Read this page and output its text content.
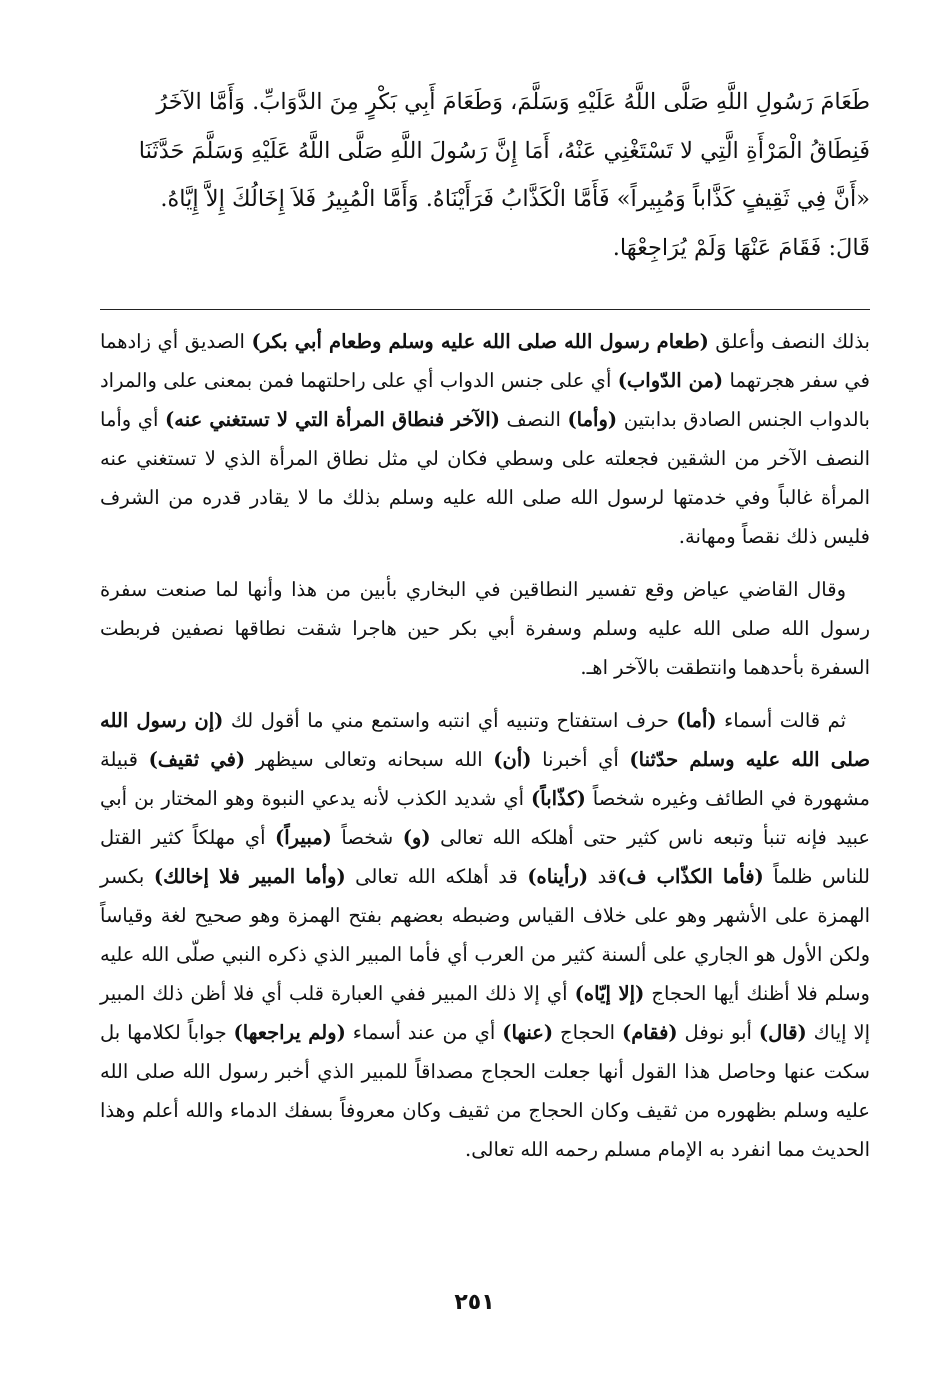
طَعَامَ رَسُولِ اللَّهِ صَلَّى اللَّهُ عَلَيْهِ وَسَلَّمَ، وَطَعَامَ أَبِي بَكْرٍ مِنَ الدَّوَابِّ. وَأَمَّا الآخَرُ

فَنِطَاقُ الْمَرْأَةِ الَّتِي لا تَسْتَغْنِي عَنْهُ، أَمَا إِنَّ رَسُولَ اللَّهِ صَلَّى اللَّهُ عَلَيْهِ وَسَلَّمَ حَدَّثَنَا

«أَنَّ فِي ثَقِيفٍ كَذَّاباً وَمُبِيراً» فَأَمَّا الْكَذَّابُ فَرَأَيْنَاهُ. وَأَمَّا الْمُبِيرُ فَلاَ إِخَالُكَ إِلاَّ إِيَّاهُ.

قَالَ: فَقَامَ عَنْهَا وَلَمْ يُرَاجِعْهَا.

بذلك النصف وأعلق (طعام رسول الله صلى الله عليه وسلم وطعام أبي بكر) الصديق أي زادهما في سفر هجرتهما (من الدّواب) أي على جنس الدواب أي على راحلتهما فمن بمعنى على والمراد بالدواب الجنس الصادق بدابتين (وأما) النصف (الآخر فنطاق المرأة التي لا تستغني عنه) أي وأما النصف الآخر من الشقين فجعلته على وسطي فكان لي مثل نطاق المرأة الذي لا تستغني عنه المرأة غالباً وفي خدمتها لرسول الله صلى الله عليه وسلم بذلك ما لا يقادر قدره من الشرف فليس ذلك نقصاً ومهانة.

وقال القاضي عياض وقع تفسير النطاقين في البخاري بأبين من هذا وأنها لما صنعت سفرة رسول الله صلى الله عليه وسلم وسفرة أبي بكر حين هاجرا شقت نطاقها نصفين فربطت السفرة بأحدهما وانتطقت بالآخر اهـ.

ثم قالت أسماء (أما) حرف استفتاح وتنبيه أي انتبه واستمع مني ما أقول لك (إن رسول الله صلى الله عليه وسلم حدّثنا) أي أخبرنا (أن) الله سبحانه وتعالى سيظهر (في ثقيف) قبيلة مشهورة في الطائف وغيره شخصاً (كذّاباً) أي شديد الكذب لأنه يدعي النبوة وهو المختار بن أبي عبيد فإنه تنبأ وتبعه ناس كثير حتى أهلكه الله تعالى (و) شخصاً (مبيراً) أي مهلكاً كثير القتل للناس ظلماً (فأما الكذّاب ف)قد (رأيناه) قد أهلكه الله تعالى (وأما المبير فلا إخالك) بكسر الهمزة على الأشهر وهو على خلاف القياس وضبطه بعضهم بفتح الهمزة وهو صحيح لغة وقياساً ولكن الأول هو الجاري على ألسنة كثير من العرب أي فأما المبير الذي ذكره النبي صلّى الله عليه وسلم فلا أظنك أيها الحجاج (إلا إيّاه) أي إلا ذلك المبير ففي العبارة قلب أي فلا أظن ذلك المبير إلا إياك (قال) أبو نوفل (فقام) الحجاج (عنها) أي من عند أسماء (ولم يراجعها) جواباً لكلامها بل سكت عنها وحاصل هذا القول أنها جعلت الحجاج مصداقاً للمبير الذي أخبر رسول الله صلى الله عليه وسلم بظهوره من ثقيف وكان الحجاج من ثقيف وكان معروفاً بسفك الدماء والله أعلم وهذا الحديث مما انفرد به الإمام مسلم رحمه الله تعالى.

٢٥١
